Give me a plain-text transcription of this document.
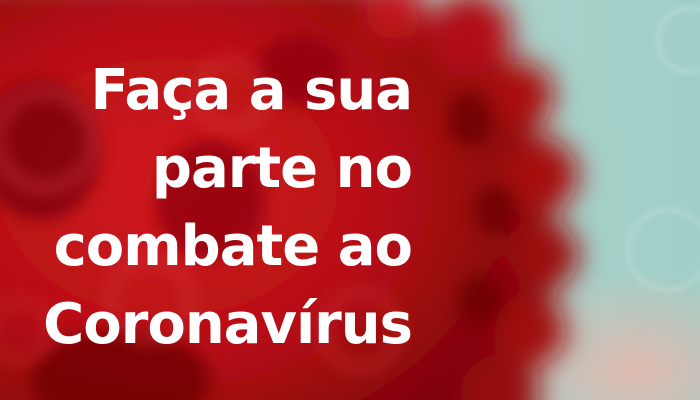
Faça a sua
parte no
combate ao
Coronavírus
